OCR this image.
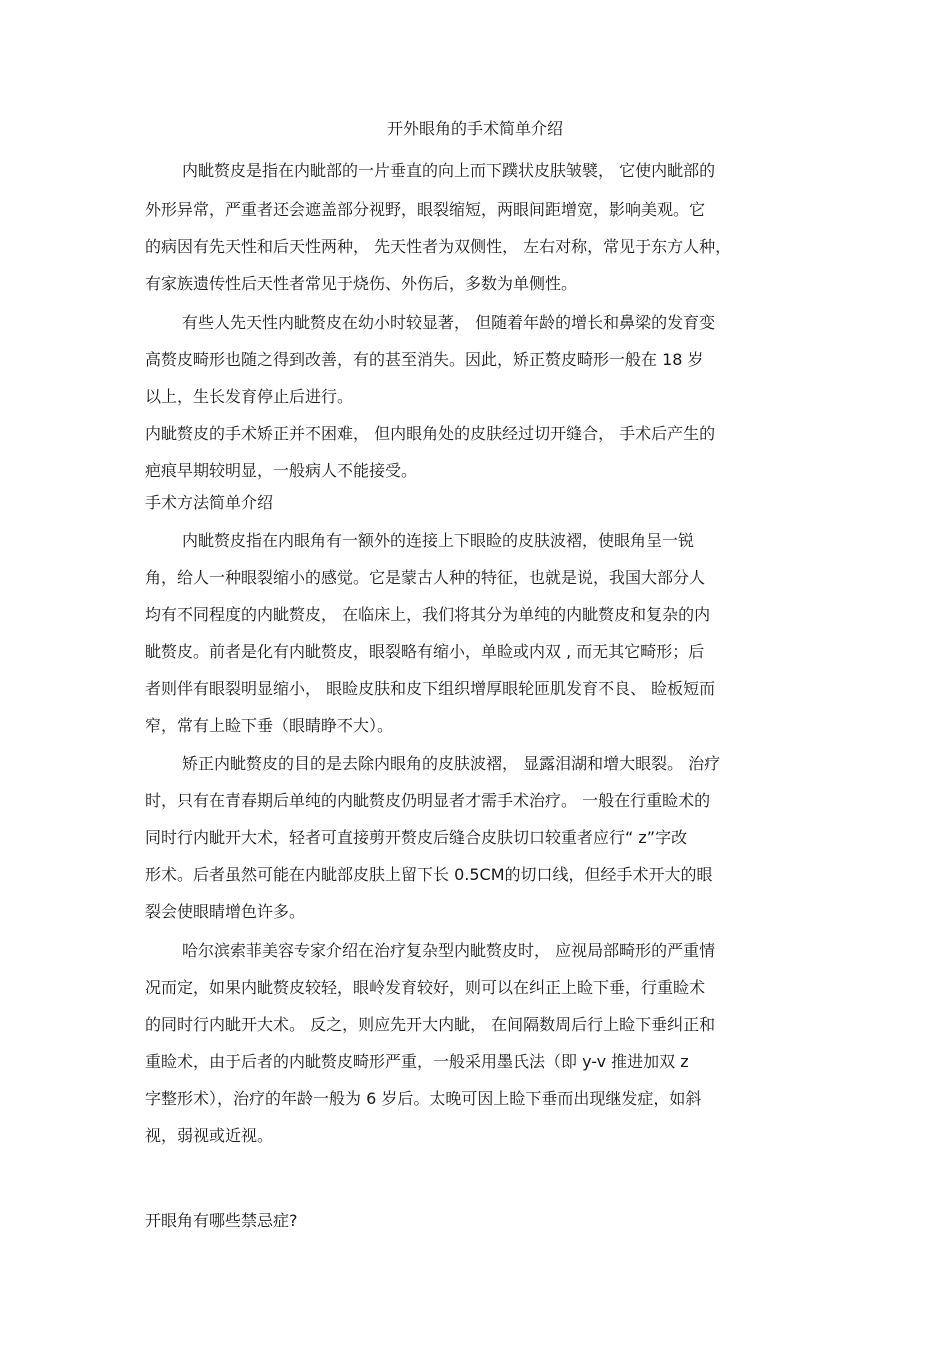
开外眼角的手术简单介绍
内眦赘皮是指在内眦部的一片垂直的向上而下蹼状皮肤皱襞， 它使内眦部的
外形异常，严重者还会遮盖部分视野，眼裂缩短，两眼间距增宽，影响美观。它
的病因有先天性和后天性两种， 先天性者为双侧性， 左右对称，常见于东方人种，
有家族遗传性后天性者常见于烧伤、外伤后，多数为单侧性。
有些人先天性内眦赘皮在幼小时较显著， 但随着年龄的增长和鼻梁的发育变
高赘皮畸形也随之得到改善，有的甚至消失。因此，矫正赘皮畸形一般在 18 岁
以上，生长发育停止后进行。
内眦赘皮的手术矫正并不困难， 但内眼角处的皮肤经过切开缝合， 手术后产生的
疤痕早期较明显，一般病人不能接受。
手术方法简单介绍
内眦赘皮指在内眼角有一额外的连接上下眼睑的皮肤波褶，使眼角呈一锐
角，给人一种眼裂缩小的感觉。它是蒙古人种的特征，也就是说，我国大部分人
均有不同程度的内眦赘皮， 在临床上，我们将其分为单纯的内眦赘皮和复杂的内
眦赘皮。前者是化有内眦赘皮，眼裂略有缩小，单睑或内双 , 而无其它畸形；后
者则伴有眼裂明显缩小， 眼睑皮肤和皮下组织增厚眼轮匝肌发育不良、 睑板短而
窄，常有上睑下垂（眼睛睁不大）。
矫正内眦赘皮的目的是去除内眼角的皮肤波褶， 显露泪湖和增大眼裂。 治疗
时，只有在青春期后单纯的内眦赘皮仍明显者才需手术治疗。 一般在行重睑术的
同时行内眦开大术，轻者可直接剪开赘皮后缝合皮肤切口较重者应行“ z”字改
形术。后者虽然可能在内眦部皮肤上留下长 0.5CM的切口线，但经手术开大的眼
裂会使眼睛增色许多。
哈尔滨索菲美容专家介绍在治疗复杂型内眦赘皮时， 应视局部畸形的严重情
况而定，如果内眦赘皮较轻，眼岭发育较好，则可以在纠正上睑下垂，行重睑术
的同时行内眦开大术。 反之，则应先开大内眦， 在间隔数周后行上睑下垂纠正和
重睑术，由于后者的内眦赘皮畸形严重，一般采用墨氏法（即 y-v 推进加双 z
字整形术），治疗的年龄一般为 6 岁后。太晚可因上睑下垂而出现继发症，如斜
视，弱视或近视。
开眼角有哪些禁忌症?
